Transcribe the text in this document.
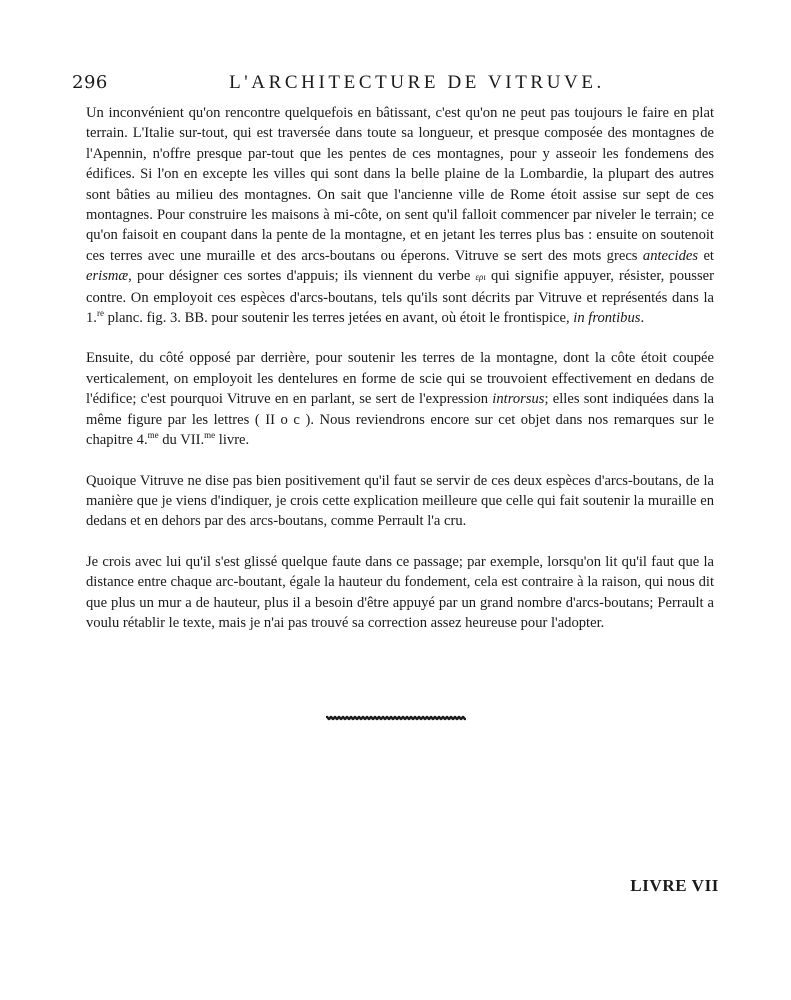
296	L'ARCHITECTURE DE VITRUVE.

Un inconvénient qu'on rencontre quelquefois en bâtissant, c'est qu'on ne peut pas toujours le faire en plat terrain. L'Italie sur-tout, qui est traversée dans toute sa longueur, et presque composée des montagnes de l'Apennin, n'offre presque par-tout que les pentes de ces montagnes, pour y asseoir les fondemens des édifices. Si l'on en excepte les villes qui sont dans la belle plaine de la Lombardie, la plupart des autres sont bâties au milieu des montagnes. On sait que l'ancienne ville de Rome étoit assise sur sept de ces montagnes. Pour construire les maisons à mi-côte, on sent qu'il falloit commencer par niveler le terrain; ce qu'on faisoit en coupant dans la pente de la montagne, et en jetant les terres plus bas : ensuite on soutenoit ces terres avec une muraille et des arcs-boutans ou éperons. Vitruve se sert des mots grecs antecides et erismæ, pour désigner ces sortes d'appuis; ils viennent du verbe ερι qui signifie appuyer, résister, pousser contre. On employoit ces espèces d'arcs-boutans, tels qu'ils sont décrits par Vitruve et représentés dans la 1.$^{re}$ planc. fig. 3. BB. pour soutenir les terres jetées en avant, où étoit le frontispice, in frontibus.

Ensuite, du côté opposé par derrière, pour soutenir les terres de la montagne, dont la côte étoit coupée verticalement, on employoit les dentelures en forme de scie qui se trouvoient effectivement en dedans de l'édifice; c'est pourquoi Vitruve en en parlant, se sert de l'expression introrsus; elles sont indiquées dans la même figure par les lettres ( II o c ). Nous reviendrons encore sur cet objet dans nos remarques sur le chapitre 4.$^{me}$ du VII.$^{me}$ livre.

Quoique Vitruve ne dise pas bien positivement qu'il faut se servir de ces deux espèces d'arcs-boutans, de la manière que je viens d'indiquer, je crois cette explication meilleure que celle qui fait soutenir la muraille en dedans et en dehors par des arcs-boutans, comme Perrault l'a cru.

Je crois avec lui qu'il s'est glissé quelque faute dans ce passage; par exemple, lorsqu'on lit qu'il faut que la distance entre chaque arc-boutant, égale la hauteur du fondement, cela est contraire à la raison, qui nous dit que plus un mur a de hauteur, plus il a besoin d'être appuyé par un grand nombre d'arcs-boutans; Perrault a voulu rétablir le texte, mais je n'ai pas trouvé sa correction assez heureuse pour l'adopter.

LIVRE VII
